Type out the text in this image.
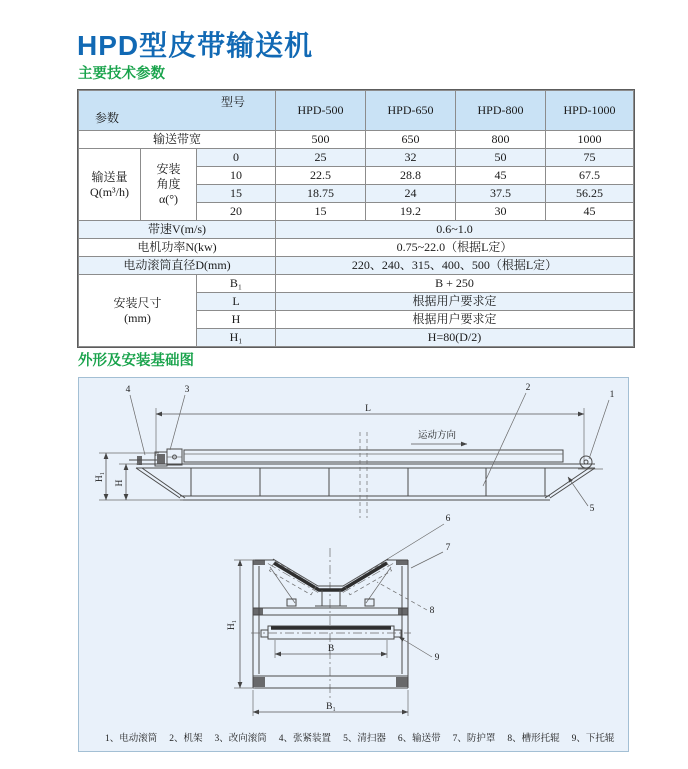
HPD型皮带输送机
主要技术参数
型号
参数			HPD-500	HPD-650	HPD-800	HPD-1000
输送带宽			500	650	800	1000

输送量
Q(m³/h)

安装
角度
α(°)
	0	25	32	50	75
		10	22.5	28.8	45	67.5
		15	18.75	24	37.5	56.25
		20	15	19.2	30	45
带速V(m/s)			0.6~1.0			
电机功率N(kw)			0.75~22.0（根据L定）			
电动滚筒直径D(mm)			220、240、315、400、500（根据L定）			

安装尺寸
(mm)		B₁	B + 250			
		L	根据用户要求定			
		H	根据用户要求定			
		H₁	H=80(D/2)			
外形及安装基础图
L
运动方向
H₁
H
4	3	2
1
5
6
B
H₁
B₁
7
8
9
1、电动滚筒 2、机架 3、改向滚筒 4、张紧装置 5、清扫器 6、输送带 7、防护罩 8、槽形托辊 9、下托辊
